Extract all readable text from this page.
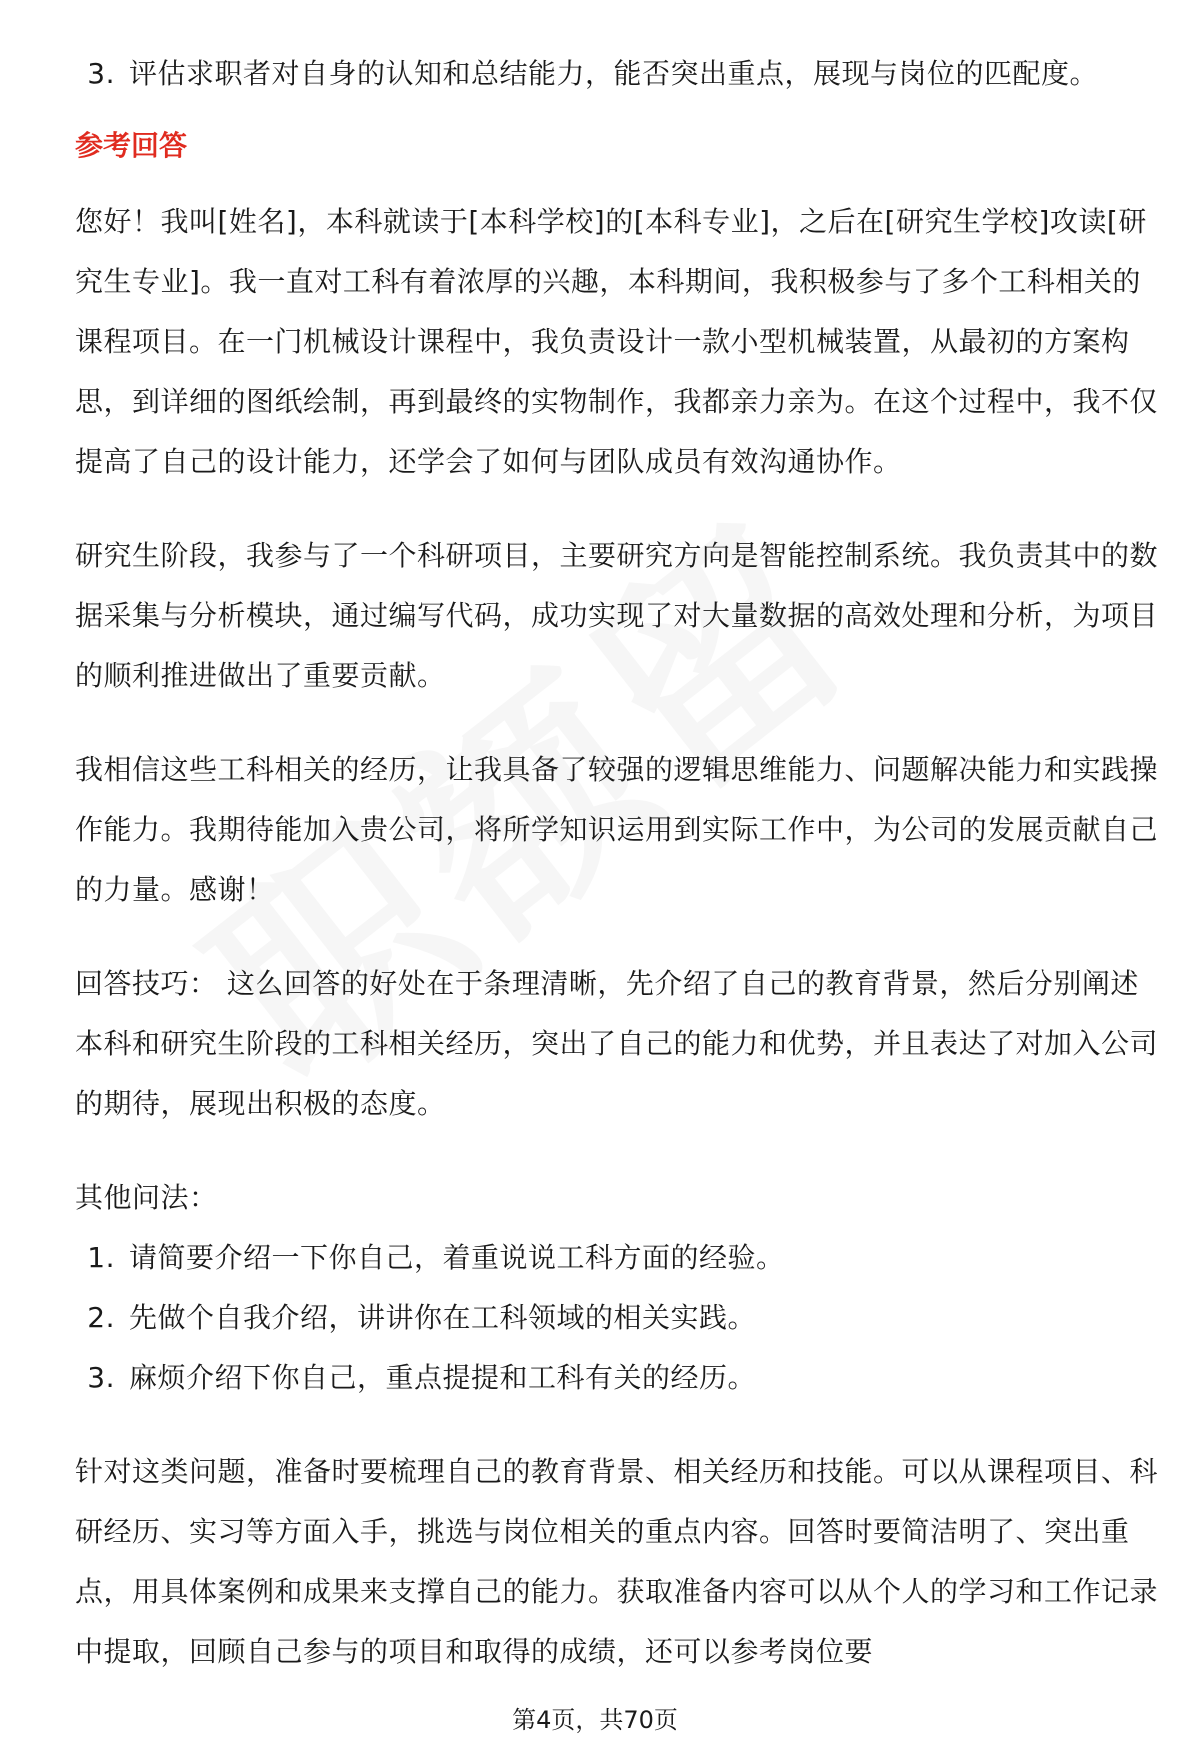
3. 评估求职者对自身的认知和总结能力，能否突出重点，展现与岗位的匹配度。
参考回答

您好！我叫[姓名]，本科就读于[本科学校]的[本科专业]，之后在[研究生学校]攻读[研究生专业]。我一直对工科有着浓厚的兴趣，本科期间，我积极参与了多个工科相关的课程项目。在一门机械设计课程中，我负责设计一款小型机械装置，从最初的方案构思，到详细的图纸绘制，再到最终的实物制作，我都亲力亲为。在这个过程中，我不仅提高了自己的设计能力，还学会了如何与团队成员有效沟通协作。

研究生阶段，我参与了一个科研项目，主要研究方向是智能控制系统。我负责其中的数据采集与分析模块，通过编写代码，成功实现了对大量数据的高效处理和分析，为项目的顺利推进做出了重要贡献。

我相信这些工科相关的经历，让我具备了较强的逻辑思维能力、问题解决能力和实践操作能力。我期待能加入贵公司，将所学知识运用到实际工作中，为公司的发展贡献自己的力量。感谢！

回答技巧： 这么回答的好处在于条理清晰，先介绍了自己的教育背景，然后分别阐述本科和研究生阶段的工科相关经历，突出了自己的能力和优势，并且表达了对加入公司的期待，展现出积极的态度。

其他问法：

1. 请简要介绍一下你自己，着重说说工科方面的经验。
2. 先做个自我介绍，讲讲你在工科领域的相关实践。
3. 麻烦介绍下你自己，重点提提和工科有关的经历。

针对这类问题，准备时要梳理自己的教育背景、相关经历和技能。可以从课程项目、科研经历、实习等方面入手，挑选与岗位相关的重点内容。回答时要简洁明了、突出重点，用具体案例和成果来支撑自己的能力。获取准备内容可以从个人的学习和工作记录中提取，回顾自己参与的项目和取得的成绩，还可以参考岗位要

第4页，共70页
